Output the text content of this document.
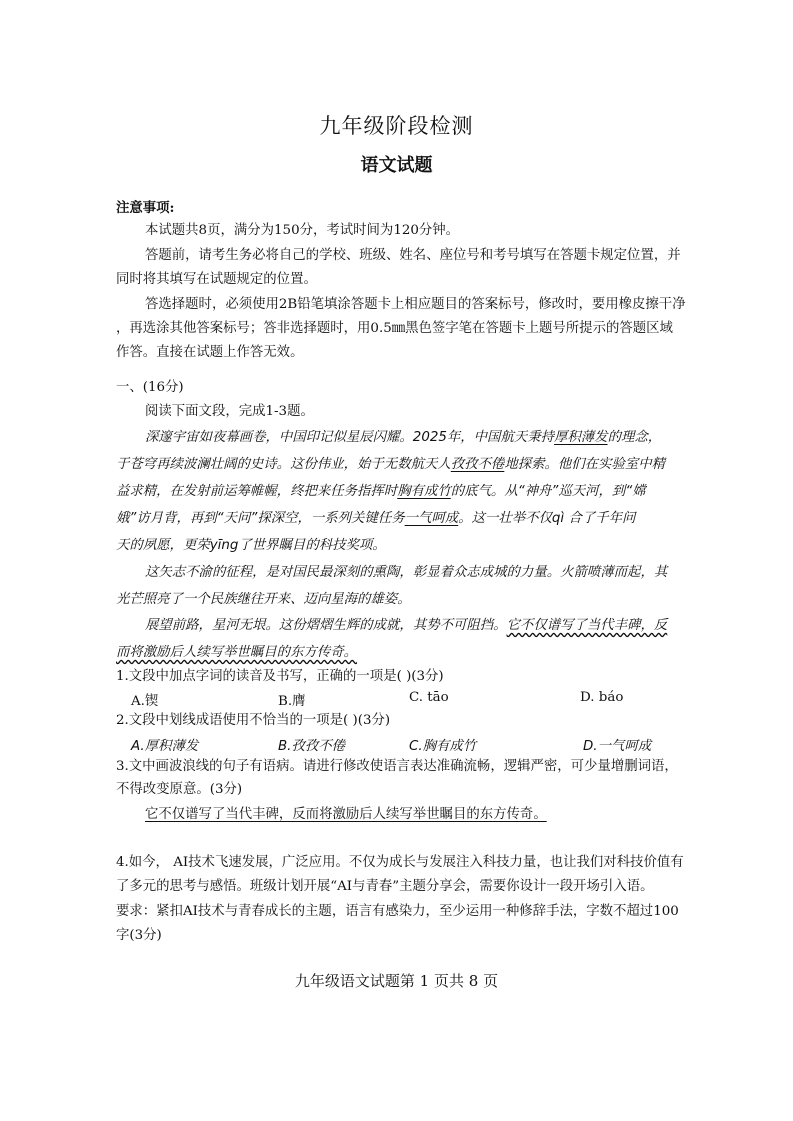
九年级阶段检测
语文试题
注意事项:
本试题共8页，满分为150分，考试时间为120分钟。
答题前，请考生务必将自己的学校、班级、姓名、座位号和考号填写在答题卡规定位置，并
同时将其填写在试题规定的位置。
答选择题时，必须使用2B铅笔填涂答题卡上相应题目的答案标号，修改时，要用橡皮擦干净
，再选涂其他答案标号；答非选择题时，用0.5㎜黑色签字笔在答题卡上题号所提示的答题区域
作答。直接在试题上作答无效。
一、(16分)
阅读下面文段，完成1-3题。
深邃宇宙如夜幕画卷，中国印记似星辰闪耀。2025年，中国航天秉持厚积薄发的理念，
于苍穹再续波澜壮阔的史诗。这份伟业，始于无数航天人孜孜不倦地探索。他们在实验室中精
益求精，在发射前运筹帷幄，终把来任务指挥时胸有成竹的底气。从“神舟”巡天河，到“嫦
娥”访月背，再到“天问”探深空，一系列关键任务一气呵成。这一壮举不仅qì 合了千年问
天的夙愿，更荣yīng了世界瞩目的科技奖项。
这矢志不渝的征程，是对国民最深刻的熏陶，彰显着众志成城的力量。火箭喷薄而起，其
光芒照亮了一个民族继往开来、迈向星海的雄姿。
展望前路，星河无垠。这份熠熠生辉的成就，其势不可阻挡。它不仅谱写了当代丰碑，反
而将激励后人续写举世瞩目的东方传奇。
1.文段中加点字词的读音及书写，正确的一项是( )(3分)
A.锲	B.膺	C. tāo	D. báo
2.文段中划线成语使用不恰当的一项是( )(3分)
A.厚积薄发	B.孜孜不倦	C.胸有成竹	D.一气呵成
3.文中画波浪线的句子有语病。请进行修改使语言表达准确流畅，逻辑严密，可少量增删词语，
不得改变原意。(3分)
它不仅谱写了当代丰碑，反而将激励后人续写举世瞩目的东方传奇。
4.如今， AI技术飞速发展，广泛应用。不仅为成长与发展注入科技力量，也让我们对科技价值有
了多元的思考与感悟。班级计划开展“AI与青春”主题分享会，需要你设计一段开场引入语。
要求：紧扣AI技术与青春成长的主题，语言有感染力，至少运用一种修辞手法，字数不超过100
字(3分)
九年级语文试题第 1 页共 8 页
